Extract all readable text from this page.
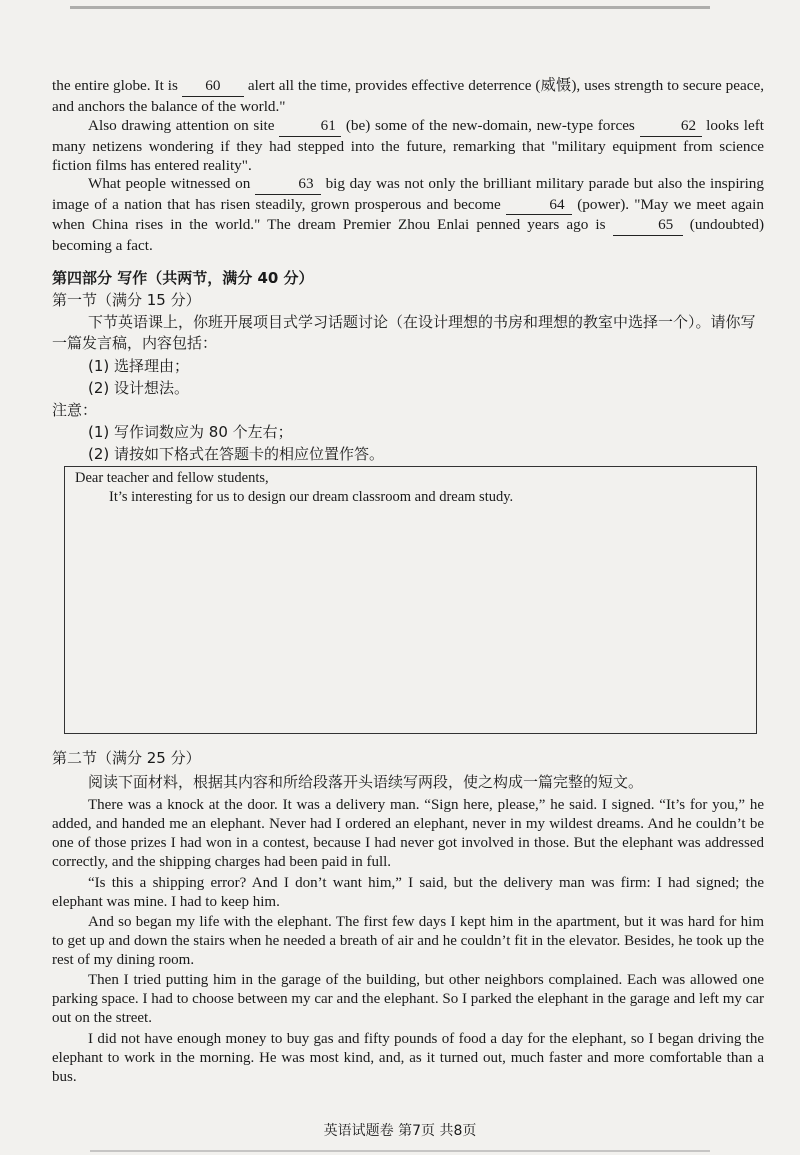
the entire globe. It is 60 alert all the time, provides effective deterrence (威慑), uses strength to secure peace, and anchors the balance of the world."
Also drawing attention on site	61 (be) some of the new-domain, new-type forces	62 looks left many netizens wondering if they had stepped into the future, remarking that "military equipment from science fiction films has entered reality".
What people witnessed on	63 big day was not only the brilliant military parade but also the inspiring image of a nation that has risen steadily, grown prosperous and become	64 (power). "May we meet again when China rises in the world." The dream Premier Zhou Enlai penned years ago is	65 (undoubted) becoming a fact.
第四部分 写作（共两节，满分 40 分）
第一节（满分 15 分）
下节英语课上，你班开展项目式学习话题讨论（在设计理想的书房和理想的教室中选择一个）。请你写一篇发言稿，内容包括：
(1) 选择理由；
(2) 设计想法。
注意：
(1) 写作词数应为 80 个左右；
(2) 请按如下格式在答题卡的相应位置作答。
Dear teacher and fellow students,
It’s interesting for us to design our dream classroom and dream study.
第二节（满分 25 分）
阅读下面材料，根据其内容和所给段落开头语续写两段，使之构成一篇完整的短文。
There was a knock at the door. It was a delivery man. “Sign here, please,” he said. I signed. “It’s for you,” he added, and handed me an elephant. Never had I ordered an elephant, never in my wildest dreams. And he couldn’t be one of those prizes I had won in a contest, because I had never got involved in those. But the elephant was addressed correctly, and the shipping charges had been paid in full.
“Is this a shipping error? And I don’t want him,” I said, but the delivery man was firm: I had signed; the elephant was mine. I had to keep him.
And so began my life with the elephant. The first few days I kept him in the apartment, but it was hard for him to get up and down the stairs when he needed a breath of air and he couldn’t fit in the elevator. Besides, he took up the rest of my dining room.
Then I tried putting him in the garage of the building, but other neighbors complained. Each was allowed one parking space. I had to choose between my car and the elephant. So I parked the elephant in the garage and left my car out on the street.
I did not have enough money to buy gas and fifty pounds of food a day for the elephant, so I began driving the elephant to work in the morning. He was most kind, and, as it turned out, much faster and more comfortable than a bus.
英语试题卷 第7页 共8页
